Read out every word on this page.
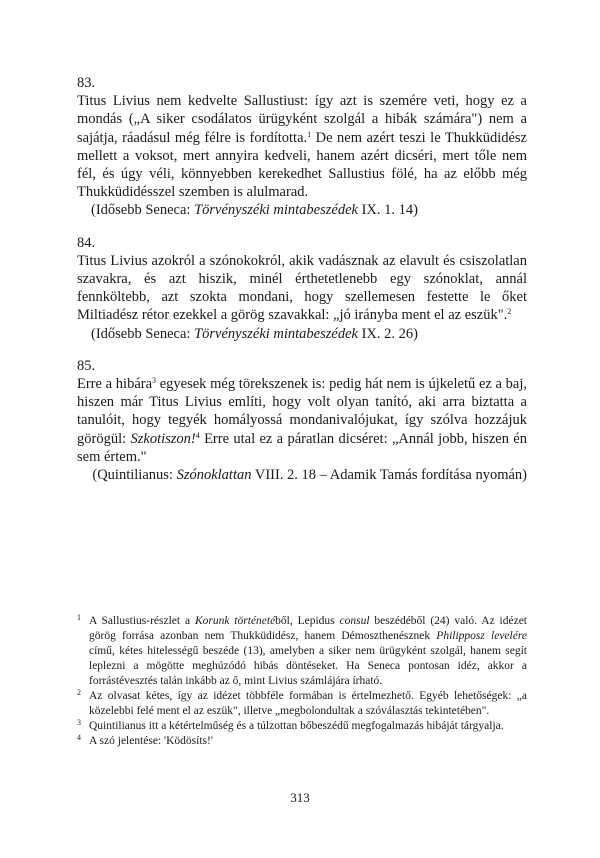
83.

Titus Livius nem kedvelte Sallustiust: így azt is szemére veti, hogy ez a mondás („A siker csodálatos ürügyként szolgál a hibák számára") nem a sajátja, ráadásul még félre is fordította.$^1$ De nem azért teszi le Thukküdidész mellett a voksot, mert annyira kedveli, hanem azért dicséri, mert tőle nem fél, és úgy véli, könnyebben kerekedhet Sallustius fölé, ha az előbb még Thukküdidésszel szemben is alulmarad.

(Idősebb Seneca: Törvényszéki mintabeszédek IX. 1. 14)

84.

Titus Livius azokról a szónokokról, akik vadásznak az elavult és csiszolatlan szavakra, és azt hiszik, minél érthetetlenebb egy szónoklat, annál fennköltebb, azt szokta mondani, hogy szellemesen festette le őket Miltiadész rétor ezekkel a görög szavakkal: „jó irányba ment el az eszük".$^2$

(Idősebb Seneca: Törvényszéki mintabeszédek IX. 2. 26)

85.

Erre a hibára$^3$ egyesek még törekszenek is: pedig hát nem is újkeletű ez a baj, hiszen már Titus Livius említi, hogy volt olyan tanító, aki arra biztatta a tanulóit, hogy tegyék homályossá mondanivalójukat, így szólva hozzájuk görögül: Szkotiszon!$^4$ Erre utal ez a páratlan dicséret: „Annál jobb, hiszen én sem értem."

(Quintilianus: Szónoklattan VIII. 2. 18 – Adamik Tamás fordítása nyomán)

1 A Sallustius-részlet a Korunk történetéből, Lepidus consul beszédéből (24) való. Az idézet görög forrása azonban nem Thukküdidész, hanem Démoszthenésznek Philipposz levelére című, kétes hitelességű beszéde (13), amelyben a siker nem ürügyként szolgál, hanem segít leplezni a mögötte meghúzódó hibás döntéseket. Ha Seneca pontosan idéz, akkor a forrástévesztés talán inkább az ő, mint Livius számlájára írható.

2 Az olvasat kétes, így az idézet többféle formában is értelmezhető. Egyéb lehetőségek: „a közelebbi felé ment el az eszük", illetve „megbolondultak a szóválasztás tekintetében".

3 Quintilianus itt a kétértelműség és a túlzottan bőbeszédű megfogalmazás hibáját tárgyalja.

4 A szó jelentése: 'Ködösíts!'

313
